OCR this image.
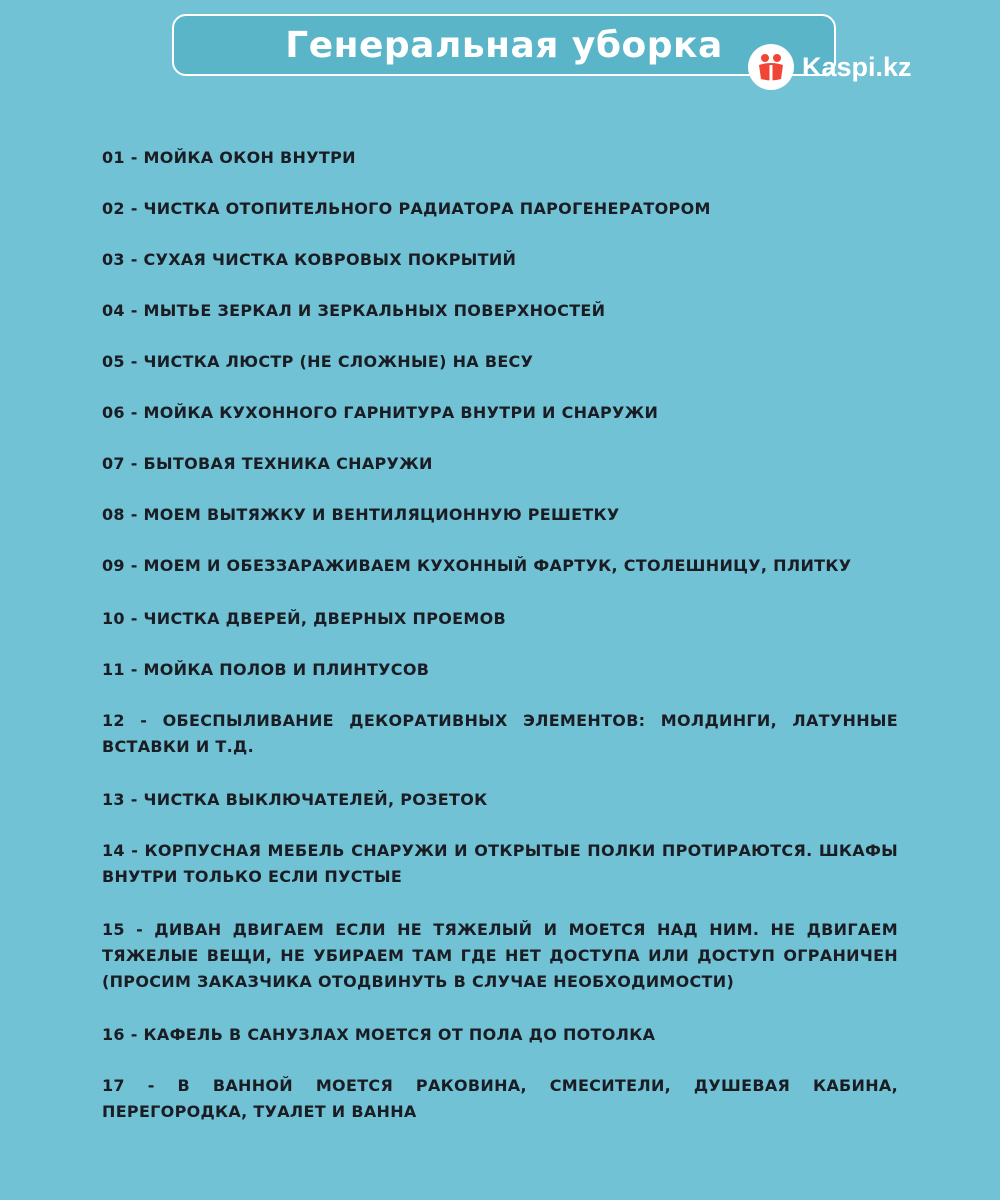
Генеральная уборка
Kaspi.kz
01 - МОЙКА ОКОН ВНУТРИ
02 - ЧИСТКА ОТОПИТЕЛЬНОГО РАДИАТОРА ПАРОГЕНЕРАТОРОМ
03 - СУХАЯ ЧИСТКА КОВРОВЫХ ПОКРЫТИЙ
04 - МЫТЬЕ ЗЕРКАЛ И ЗЕРКАЛЬНЫХ ПОВЕРХНОСТЕЙ
05 - ЧИСТКА ЛЮСТР (НЕ СЛОЖНЫЕ) НА ВЕСУ
06 - МОЙКА КУХОННОГО ГАРНИТУРА ВНУТРИ И СНАРУЖИ
07 - БЫТОВАЯ ТЕХНИКА СНАРУЖИ
08 - МОЕМ ВЫТЯЖКУ И ВЕНТИЛЯЦИОННУЮ РЕШЕТКУ
09 - МОЕМ И ОБЕЗЗАРАЖИВАЕМ КУХОННЫЙ ФАРТУК, СТОЛЕШНИЦУ, ПЛИТКУ
10 - ЧИСТКА ДВЕРЕЙ, ДВЕРНЫХ ПРОЕМОВ
11 - МОЙКА ПОЛОВ И ПЛИНТУСОВ
12 - ОБЕСПЫЛИВАНИЕ ДЕКОРАТИВНЫХ ЭЛЕМЕНТОВ: МОЛДИНГИ, ЛАТУННЫЕ ВСТАВКИ И Т.Д.
13 - ЧИСТКА ВЫКЛЮЧАТЕЛЕЙ, РОЗЕТОК
14 - КОРПУСНАЯ МЕБЕЛЬ СНАРУЖИ И ОТКРЫТЫЕ ПОЛКИ ПРОТИРАЮТСЯ. ШКАФЫ ВНУТРИ ТОЛЬКО ЕСЛИ ПУСТЫЕ
15 - ДИВАН ДВИГАЕМ ЕСЛИ НЕ ТЯЖЕЛЫЙ И МОЕТСЯ НАД НИМ. НЕ ДВИГАЕМ ТЯЖЕЛЫЕ ВЕЩИ, НЕ УБИРАЕМ ТАМ ГДЕ НЕТ ДОСТУПА ИЛИ ДОСТУП ОГРАНИЧЕН (ПРОСИМ ЗАКАЗЧИКА ОТОДВИНУТЬ В СЛУЧАЕ НЕОБХОДИМОСТИ)
16 - КАФЕЛЬ В САНУЗЛАХ МОЕТСЯ ОТ ПОЛА ДО ПОТОЛКА
17 - В ВАННОЙ МОЕТСЯ РАКОВИНА, СМЕСИТЕЛИ, ДУШЕВАЯ КАБИНА, ПЕРЕГОРОДКА, ТУАЛЕТ И ВАННА
